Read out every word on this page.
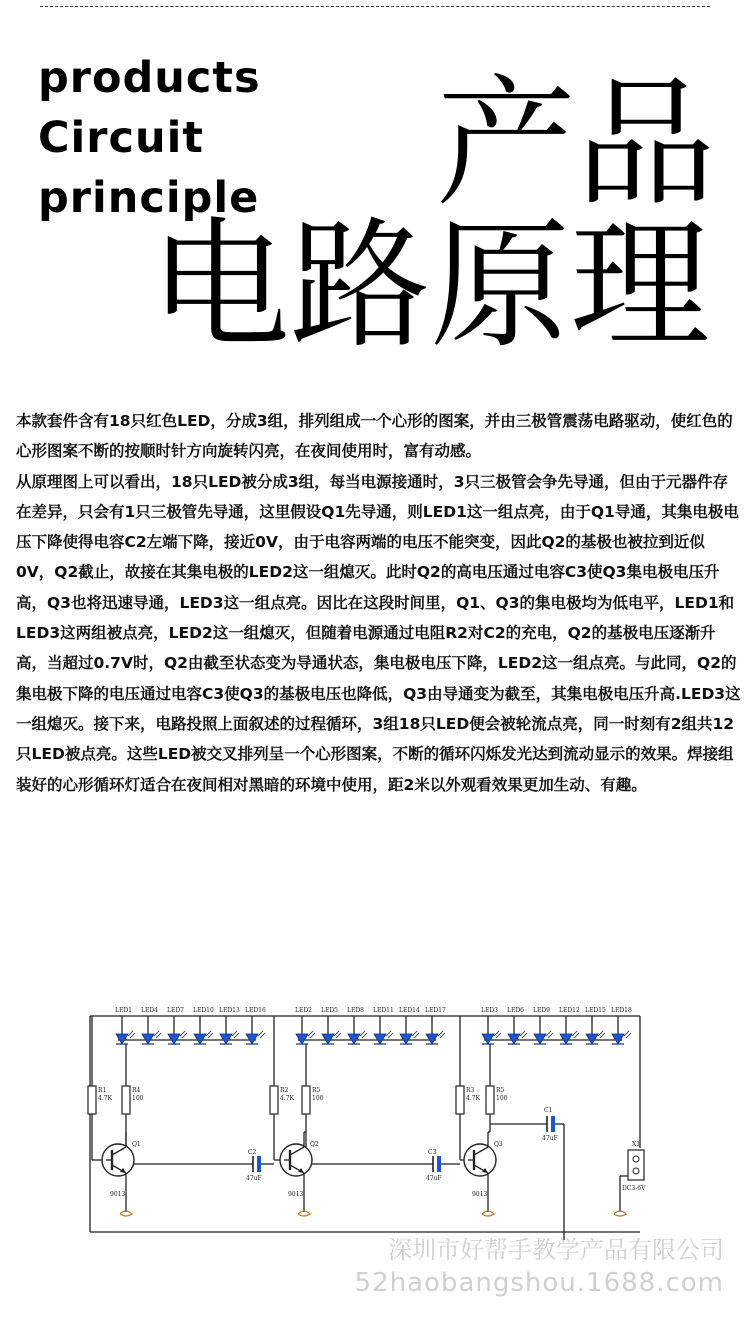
products
Circuit
principle 产品
电路原理

本款套件含有18只红色LED，分成3组，排列组成一个心形的图案，并由三极管震荡电路驱动，使红色的心形图案不断的按顺时针方向旋转闪亮，在夜间使用时，富有动感。

从原理图上可以看出，18只LED被分成3组，每当电源接通时，3只三极管会争先导通，但由于元器件存在差异，只会有1只三极管先导通，这里假设Q1先导通，则LED1这一组点亮，由于Q1导通，其集电极电压下降使得电容C2左端下降，接近0V，由于电容两端的电压不能突变，因此Q2的基极也被拉到近似0V，Q2截止，故接在其集电极的LED2这一组熄灭。此时Q2的高电压通过电容C3使Q3集电极电压升高，Q3也将迅速导通，LED3这一组点亮。因比在这段时间里，Q1、Q3的集电极均为低电平，LED1和LED3这两组被点亮，LED2这一组熄灭，但随着电源通过电阻R2对C2的充电，Q2的基极电压逐渐升高，当超过0.7V时，Q2由截至状态变为导通状态，集电极电压下降，LED2这一组点亮。与此同，Q2的集电极下降的电压通过电容C3使Q3的基极电压也降低，Q3由导通变为截至，其集电极电压升高.LED3这一组熄灭。接下来，电路投照上面叙述的过程循环，3组18只LED便会被轮流点亮，同一时刻有2组共12只LED被点亮。这些LED被交叉排列呈一个心形图案，不断的循环闪烁发光达到流动显示的效果。焊接组装好的心形循环灯适合在夜间相对黑暗的环境中使用，距2米以外观看效果更加生动、有趣。

LED1 LED4 LED7 LED10 LED13 LED16	LED2 LED5 LED8 LED11 LED14 LED17	LED3 LED6 LED9 LED12 LED15 LED18
R1
4.7K
R4
100
Q1
9013
R2
4.7K
R5
100
Q2
9013
R3
4.7K
R5
100
Q3
9013
C2
47uF
C3
47uF
C1
47uF
X1
DC3-6V
深圳市好帮手教学产品有限公司
52haobangshou.1688.com
